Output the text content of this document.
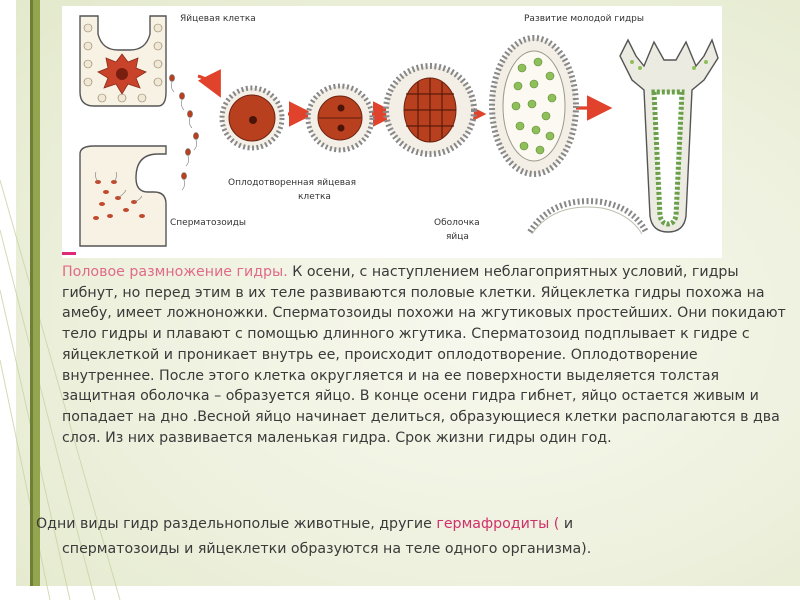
Яйцевая клетка	Развитие молодой гидры
Оплодотворенная яйцевая
клетка
Сперматозоиды	Оболочка
яйца
Половое размножение гидры. К осени, с наступлением неблагоприятных условий, гидры гибнут, но перед этим в их теле развиваются половые клетки. Яйцеклетка гидры похожа на амебу, имеет ложноножки. Сперматозоиды похожи на жгутиковых простейших. Они покидают тело гидры и плавают с помощью длинного жгутика. Сперматозоид подплывает к гидре с яйцеклеткой и проникает внутрь ее, происходит оплодотворение. Оплодотворение внутреннее. После этого клетка округляется и на ее поверхности выделяется толстая защитная оболочка – образуется яйцо. В конце осени гидра гибнет, яйцо остается живым и попадает на дно .Весной яйцо начинает делиться, образующиеся клетки располагаются в два слоя. Из них развивается маленькая гидра. Срок жизни гидры один год.
Одни виды гидр раздельнополые животные, другие гермафродиты ( и
сперматозоиды и яйцеклетки образуются на теле одного организма).
